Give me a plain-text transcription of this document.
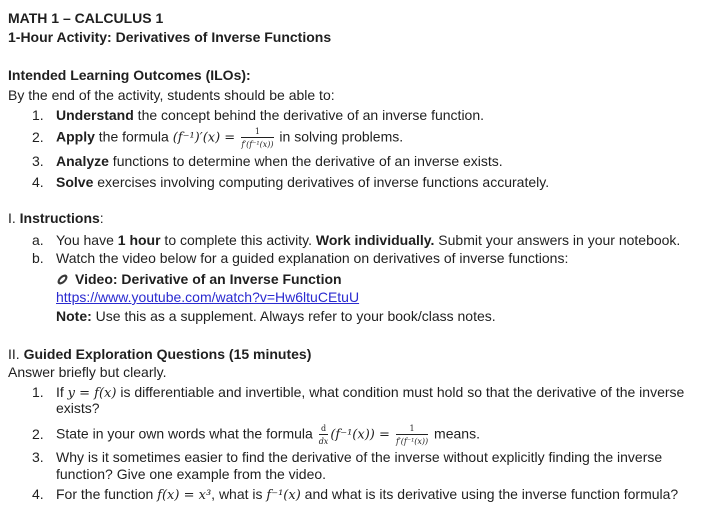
MATH 1 – CALCULUS 1
1-Hour Activity: Derivatives of Inverse Functions
Intended Learning Outcomes (ILOs):
By the end of the activity, students should be able to:
1. Understand the concept behind the derivative of an inverse function.
2. Apply the formula $(f^{-1})'(x) = \frac{1}{\text{f′(f⁻¹(x))}}$ in solving problems.
3. Analyze functions to determine when the derivative of an inverse exists.
4. Solve exercises involving computing derivatives of inverse functions accurately.
I. Instructions:
a. You have 1 hour to complete this activity. Work individually. Submit your answers in your notebook.
b. Watch the video below for a guided explanation on derivatives of inverse functions:
Video: Derivative of an Inverse Function
https://www.youtube.com/watch?v=Hw6ltuCEtuU
Note: Use this as a supplement. Always refer to your book/class notes.
II. Guided Exploration Questions (15 minutes)
Answer briefly but clearly.
1. If y = f(x) is differentiable and invertible, what condition must hold so that the derivative of the inverse
exists?
2. State in your own words what the formula $\frac{d}{dx} (f^{-1}(x)) = \frac{1}{\text{f′(f⁻¹(x))}}$ means.
3. Why is it sometimes easier to find the derivative of the inverse without explicitly finding the inverse
function? Give one example from the video.
4. For the function f(x) = x³, what is f⁻¹(x) and what is its derivative using the inverse function formula?
